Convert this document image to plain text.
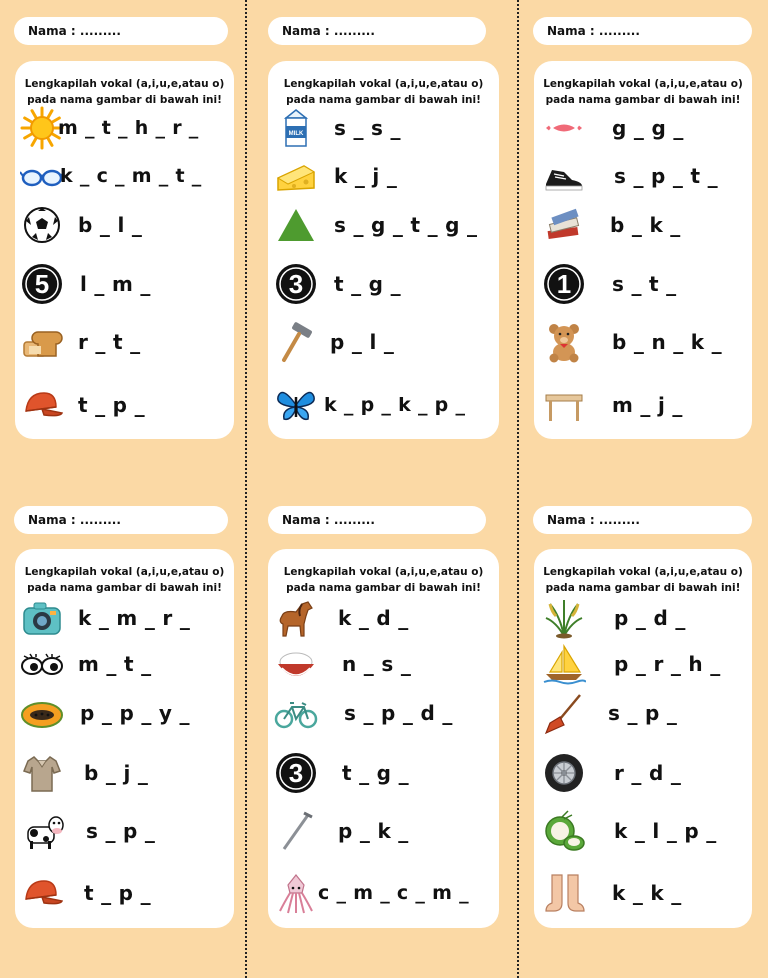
Nama : .........
Lengkapilah vokal (a,i,u,e,atau o)
pada nama gambar di bawah ini!
m _ t _ h _ r _
k _ c _ m _ t _
b _ l _
5 l _ m _
r _ t _
t _ p _
Nama : .........
Lengkapilah vokal (a,i,u,e,atau o)
pada nama gambar di bawah ini!
MILK s _ s _
k _ j _
s _ g _ t _ g _
3 t _ g _
p _ l _
k _ p _ k _ p _
Nama : .........
Lengkapilah vokal (a,i,u,e,atau o)
pada nama gambar di bawah ini!
g _ g _
s _ p _ t _
b _ k _
1 s _ t _
b _ n _ k _
m _ j _
Nama : .........
Lengkapilah vokal (a,i,u,e,atau o)
pada nama gambar di bawah ini!
k _ m _ r _
m _ t _
p _ p _ y _
b _ j _
s _ p _
t _ p _
Nama : .........
Lengkapilah vokal (a,i,u,e,atau o)
pada nama gambar di bawah ini!
k _ d _
n _ s _
s _ p _ d _
3 t _ g _
p _ k _
c _ m _ c _ m _
Nama : .........
Lengkapilah vokal (a,i,u,e,atau o)
pada nama gambar di bawah ini!
p _ d _
p _ r _ h _
s _ p _
r _ d _
k _ l _ p _
k _ k _
